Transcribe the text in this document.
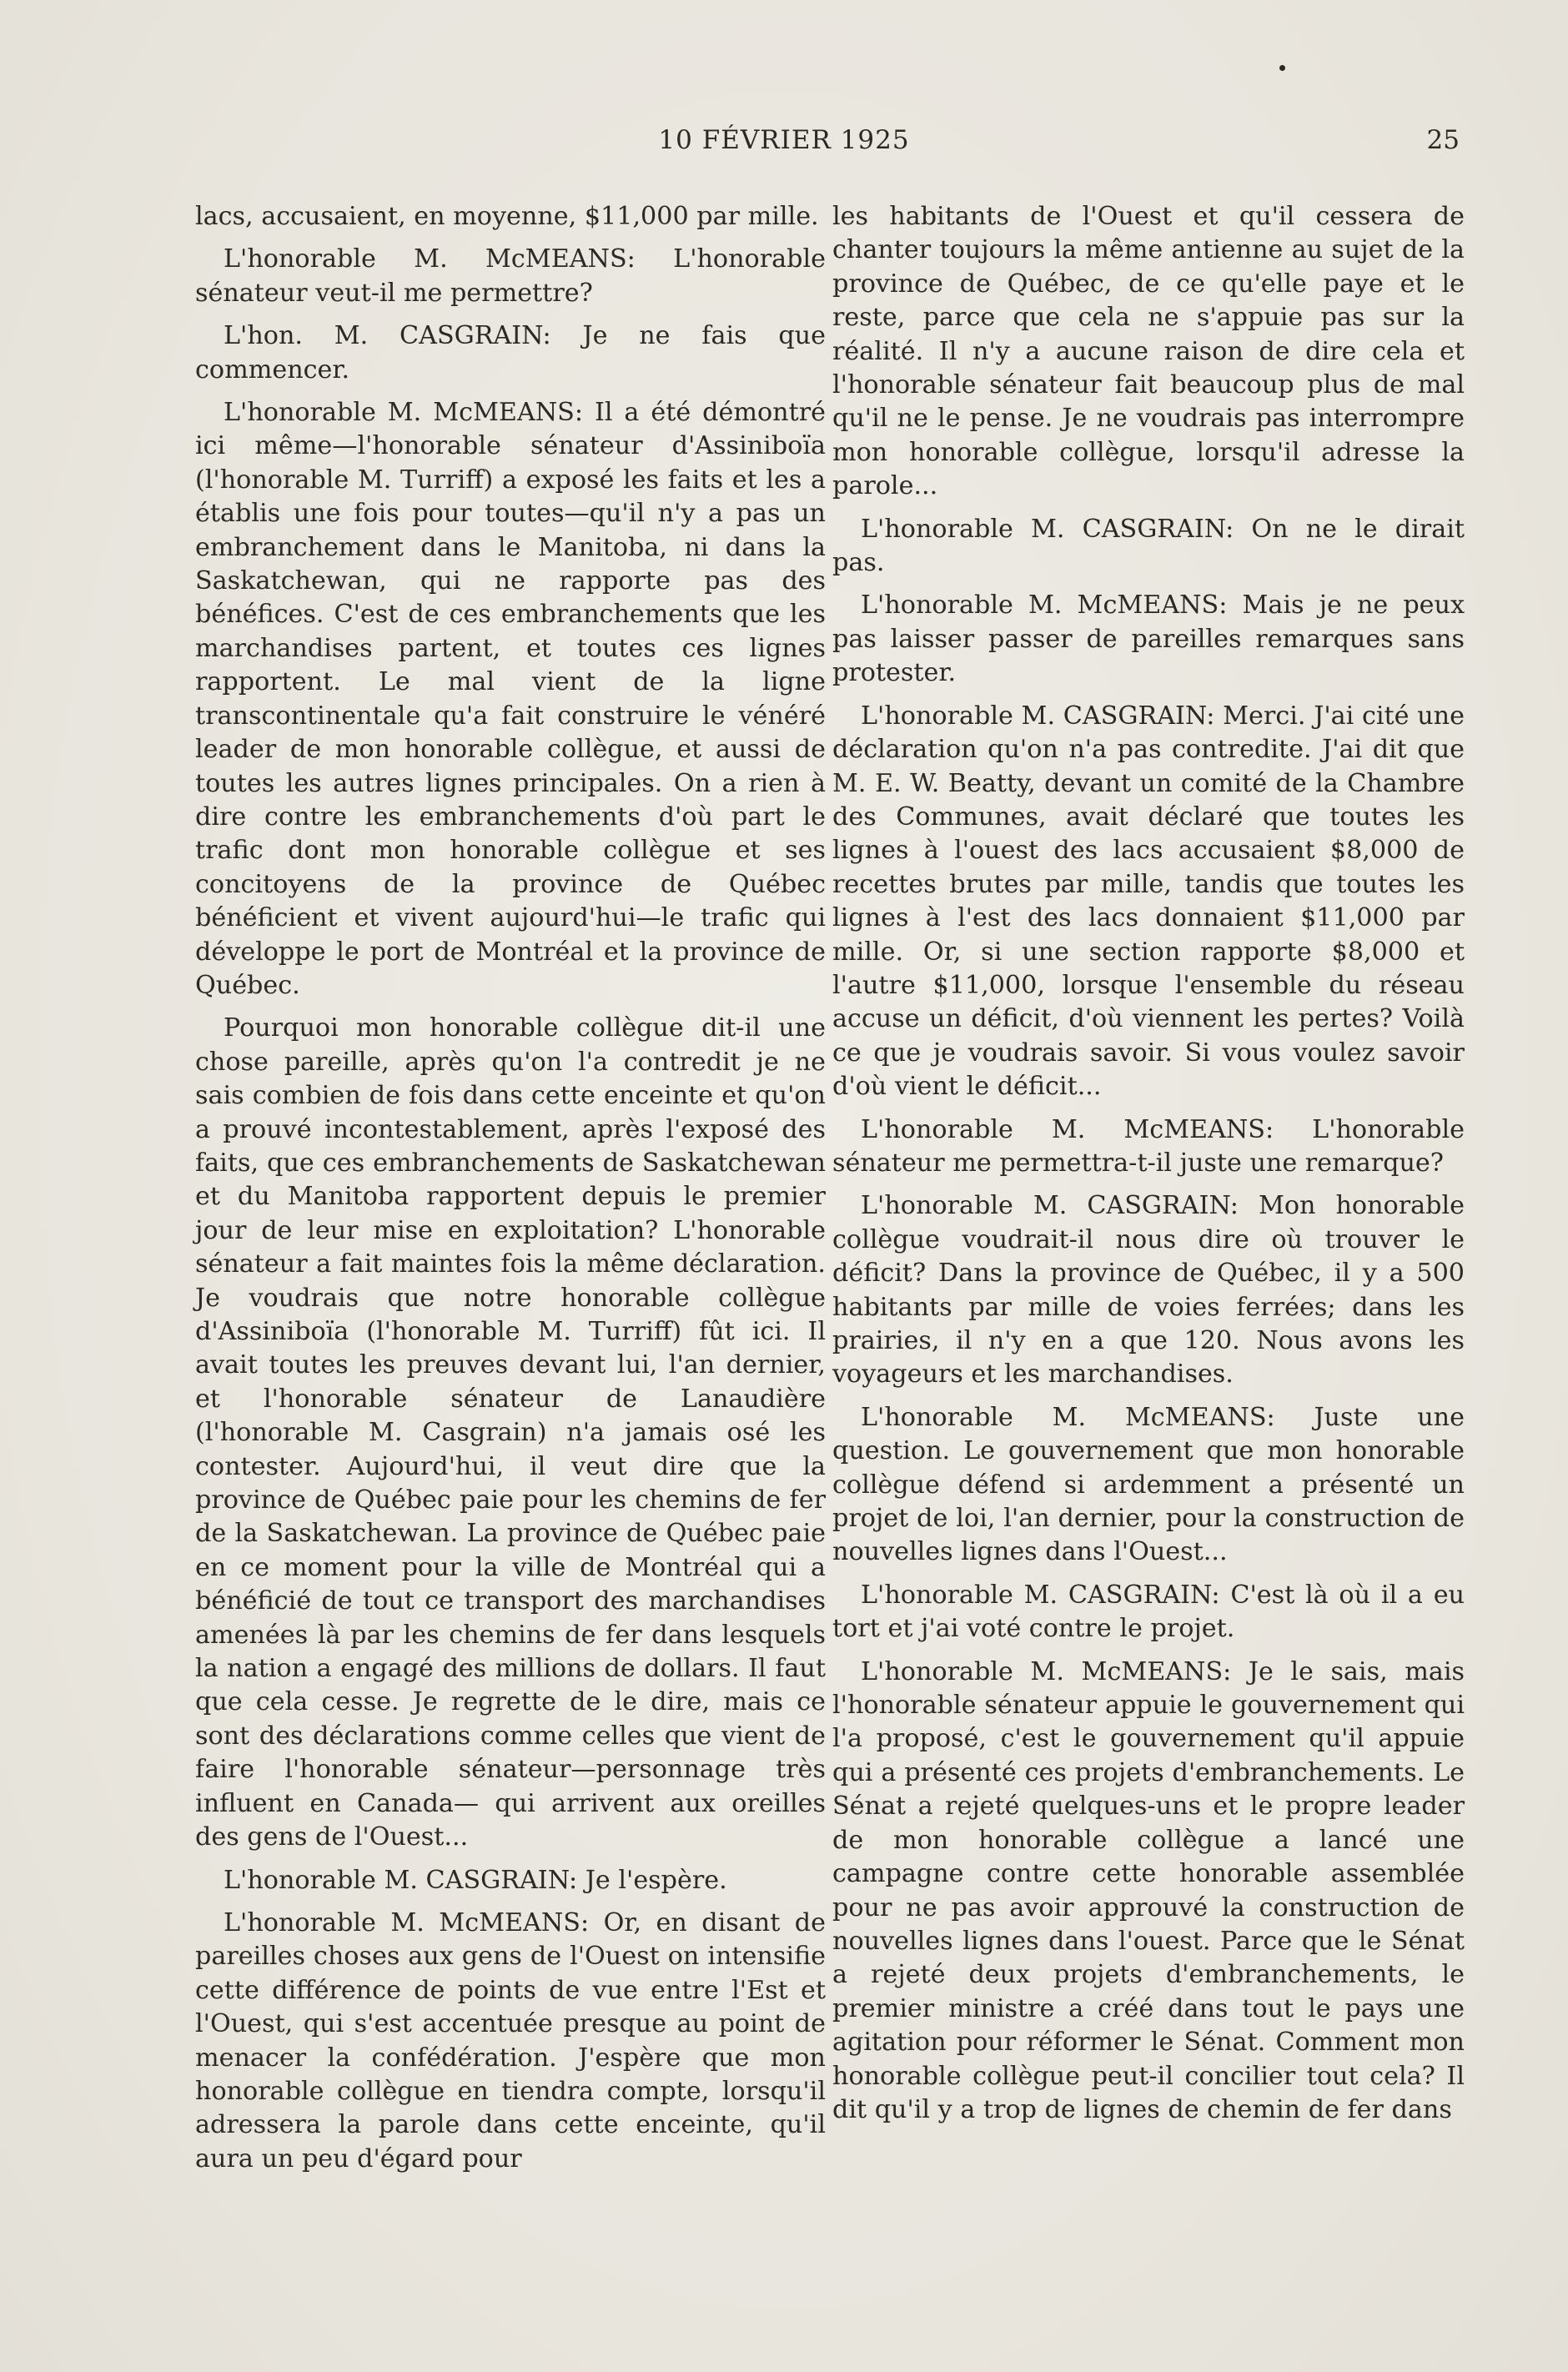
10 FÉVRIER 1925	25

lacs, accusaient, en moyenne, $11,000 par mille.

L'honorable M. McMEANS: L'honorable sénateur veut-il me permettre?

L'hon. M. CASGRAIN: Je ne fais que commencer.

L'honorable M. McMEANS: Il a été démontré ici même—l'honorable sénateur d'Assiniboïa (l'honorable M. Turriff) a exposé les faits et les a établis une fois pour toutes—qu'il n'y a pas un embranchement dans le Manitoba, ni dans la Saskatchewan, qui ne rapporte pas des bénéfices. C'est de ces embranchements que les marchandises partent, et toutes ces lignes rapportent. Le mal vient de la ligne transcontinentale qu'a fait construire le vénéré leader de mon honorable collègue, et aussi de toutes les autres lignes principales. On a rien à dire contre les embranchements d'où part le trafic dont mon honorable collègue et ses concitoyens de la province de Québec bénéficient et vivent aujourd'hui—le trafic qui développe le port de Montréal et la province de Québec.

Pourquoi mon honorable collègue dit-il une chose pareille, après qu'on l'a contredit je ne sais combien de fois dans cette enceinte et qu'on a prouvé incontestablement, après l'exposé des faits, que ces embranchements de Saskatchewan et du Manitoba rapportent depuis le premier jour de leur mise en exploitation? L'honorable sénateur a fait maintes fois la même déclaration. Je voudrais que notre honorable collègue d'Assiniboïa (l'honorable M. Turriff) fût ici. Il avait toutes les preuves devant lui, l'an dernier, et l'honorable sénateur de Lanaudière (l'honorable M. Casgrain) n'a jamais osé les contester. Aujourd'hui, il veut dire que la province de Québec paie pour les chemins de fer de la Saskatchewan. La province de Québec paie en ce moment pour la ville de Montréal qui a bénéficié de tout ce transport des marchandises amenées là par les chemins de fer dans lesquels la nation a engagé des millions de dollars. Il faut que cela cesse. Je regrette de le dire, mais ce sont des déclarations comme celles que vient de faire l'honorable sénateur—personnage très influent en Canada— qui arrivent aux oreilles des gens de l'Ouest...

L'honorable M. CASGRAIN: Je l'espère.

L'honorable M. McMEANS: Or, en disant de pareilles choses aux gens de l'Ouest on intensifie cette différence de points de vue entre l'Est et l'Ouest, qui s'est accentuée presque au point de menacer la confédération. J'espère que mon honorable collègue en tiendra compte, lorsqu'il adressera la parole dans cette enceinte, qu'il aura un peu d'égard pour

les habitants de l'Ouest et qu'il cessera de chanter toujours la même antienne au sujet de la province de Québec, de ce qu'elle paye et le reste, parce que cela ne s'appuie pas sur la réalité. Il n'y a aucune raison de dire cela et l'honorable sénateur fait beaucoup plus de mal qu'il ne le pense. Je ne voudrais pas interrompre mon honorable collègue, lorsqu'il adresse la parole...

L'honorable M. CASGRAIN: On ne le dirait pas.

L'honorable M. McMEANS: Mais je ne peux pas laisser passer de pareilles remarques sans protester.

L'honorable M. CASGRAIN: Merci. J'ai cité une déclaration qu'on n'a pas contredite. J'ai dit que M. E. W. Beatty, devant un comité de la Chambre des Communes, avait déclaré que toutes les lignes à l'ouest des lacs accusaient $8,000 de recettes brutes par mille, tandis que toutes les lignes à l'est des lacs donnaient $11,000 par mille. Or, si une section rapporte $8,000 et l'autre $11,000, lorsque l'ensemble du réseau accuse un déficit, d'où viennent les pertes? Voilà ce que je voudrais savoir. Si vous voulez savoir d'où vient le déficit...

L'honorable M. McMEANS: L'honorable sénateur me permettra-t-il juste une remarque?

L'honorable M. CASGRAIN: Mon honorable collègue voudrait-il nous dire où trouver le déficit? Dans la province de Québec, il y a 500 habitants par mille de voies ferrées; dans les prairies, il n'y en a que 120. Nous avons les voyageurs et les marchandises.

L'honorable M. McMEANS: Juste une question. Le gouvernement que mon honorable collègue défend si ardemment a présenté un projet de loi, l'an dernier, pour la construction de nouvelles lignes dans l'Ouest...

L'honorable M. CASGRAIN: C'est là où il a eu tort et j'ai voté contre le projet.

L'honorable M. McMEANS: Je le sais, mais l'honorable sénateur appuie le gouvernement qui l'a proposé, c'est le gouvernement qu'il appuie qui a présenté ces projets d'embranchements. Le Sénat a rejeté quelques-uns et le propre leader de mon honorable collègue a lancé une campagne contre cette honorable assemblée pour ne pas avoir approuvé la construction de nouvelles lignes dans l'ouest. Parce que le Sénat a rejeté deux projets d'embranchements, le premier ministre a créé dans tout le pays une agitation pour réformer le Sénat. Comment mon honorable collègue peut-il concilier tout cela? Il dit qu'il y a trop de lignes de chemin de fer dans
